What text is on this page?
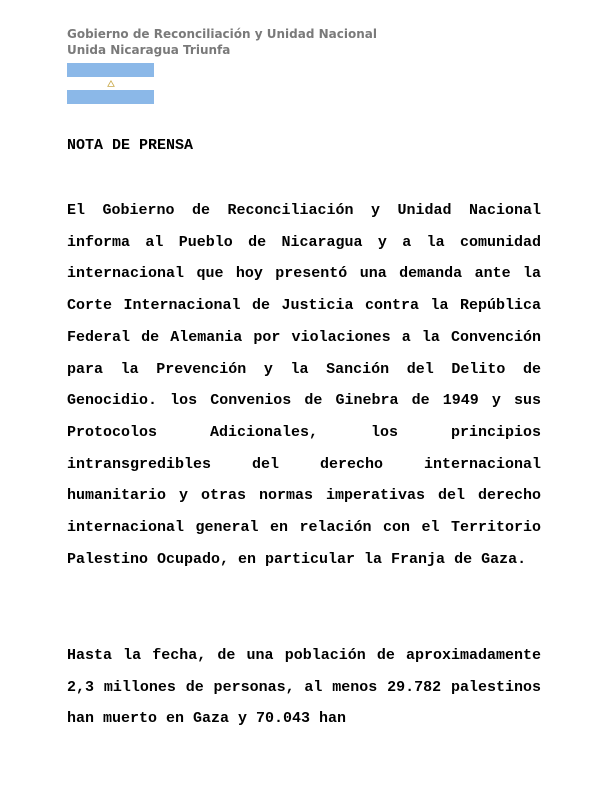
Gobierno de Reconciliación y Unidad Nacional
Unida Nicaragua Triunfa
NOTA DE PRENSA

El Gobierno de Reconciliación y Unidad Nacional informa al Pueblo de Nicaragua y a la comunidad internacional que hoy presentó una demanda ante la Corte Internacional de Justicia contra la República Federal de Alemania por violaciones a la Convención para la Prevención y la Sanción del Delito de Genocidio. los Convenios de Ginebra de 1949 y sus Protocolos Adicionales, los principios intransgredibles del derecho internacional humanitario y otras normas imperativas del derecho internacional general en relación con el Territorio Palestino Ocupado, en particular la Franja de Gaza.

Hasta la fecha, de una población de aproximadamente 2,3 millones de personas, al menos 29.782 palestinos han muerto en Gaza y 70.043 han
